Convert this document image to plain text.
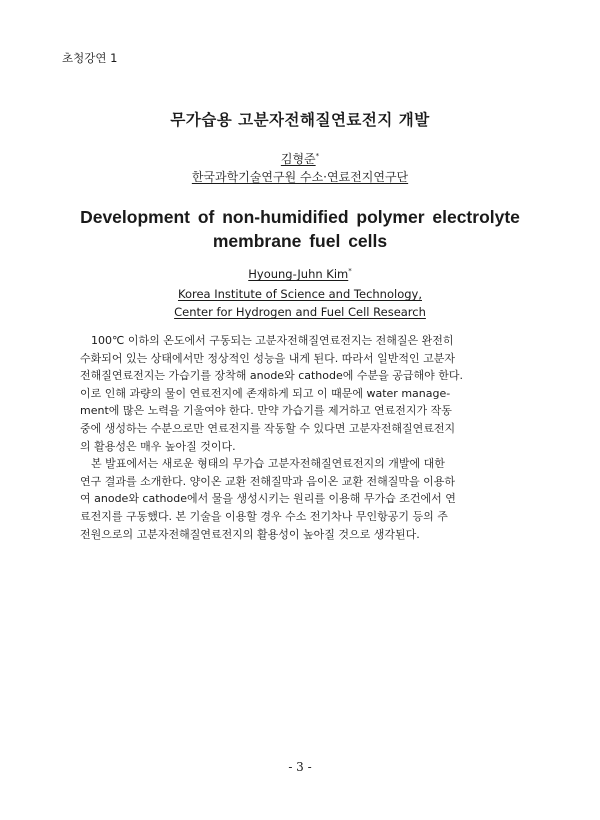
초청강연 1
무가습용 고분자전해질연료전지 개발
김형준*
한국과학기술연구원 수소·연료전지연구단
Development of non-humidified polymer electrolyte
membrane fuel cells
Hyoung-Juhn Kim*
Korea Institute of Science and Technology,
Center for Hydrogen and Fuel Cell Research
100℃ 이하의 온도에서 구동되는 고분자전해질연료전지는 전해질은 완전히
수화되어 있는 상태에서만 정상적인 성능을 내게 된다. 따라서 일반적인 고분자
전해질연료전지는 가습기를 장착해 anode와 cathode에 수분을 공급해야 한다.
이로 인해 과량의 물이 연료전지에 존재하게 되고 이 때문에 water manage-
ment에 많은 노력을 기울여야 한다. 만약 가습기를 제거하고 연료전지가 작동
중에 생성하는 수분으로만 연료전지를 작동할 수 있다면 고분자전해질연료전지
의 활용성은 매우 높아질 것이다.
본 발표에서는 새로운 형태의 무가습 고분자전해질연료전지의 개발에 대한
연구 결과를 소개한다. 양이온 교환 전해질막과 음이온 교환 전해질막을 이용하
여 anode와 cathode에서 물을 생성시키는 원리를 이용해 무가습 조건에서 연
료전지를 구동했다. 본 기술을 이용할 경우 수소 전기차나 무인항공기 등의 주
전원으로의 고분자전해질연료전지의 활용성이 높아질 것으로 생각된다.
- 3 -
